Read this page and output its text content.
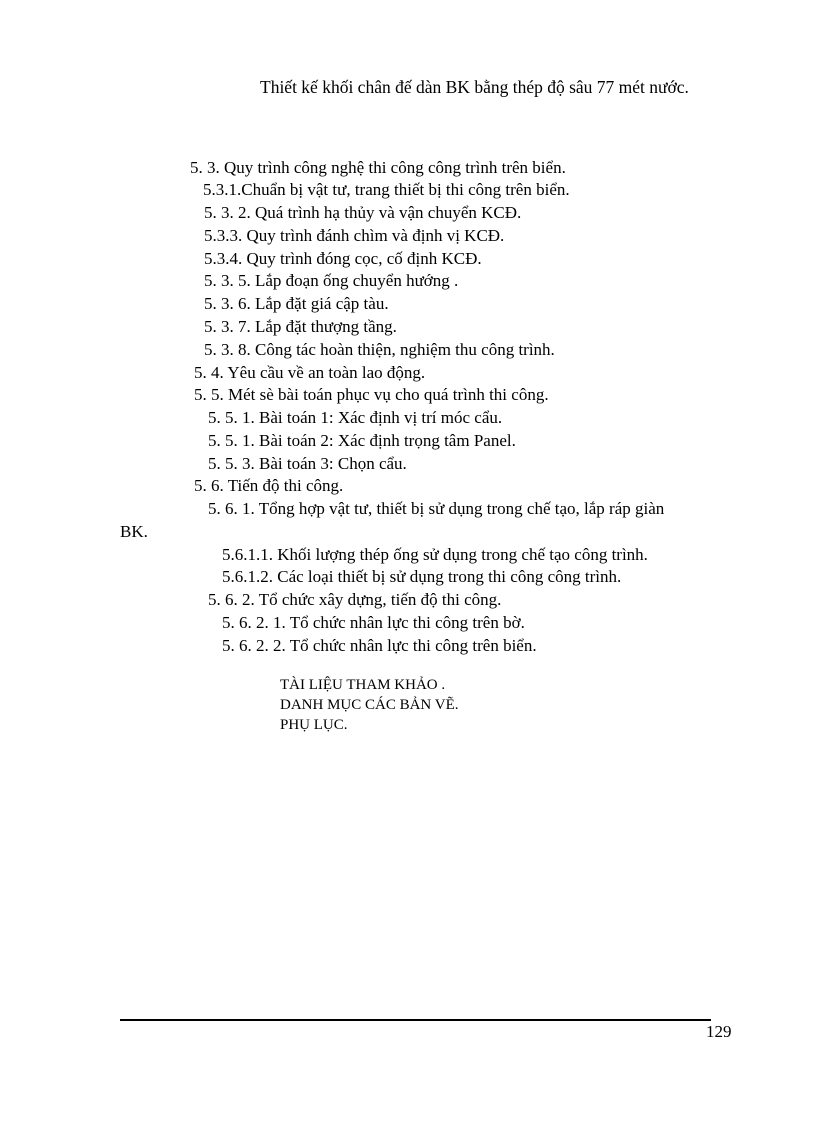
Thiết kế khối chân đế dàn BK bằng thép độ sâu 77 mét nước.
5. 3. Quy trình công nghệ thi công công trình trên biển.
5.3.1.Chuẩn bị vật tư, trang thiết bị thi công trên biển.
5. 3. 2. Quá trình hạ thủy và vận chuyển KCĐ.
5.3.3. Quy trình đánh chìm và định vị KCĐ.
5.3.4. Quy trình đóng cọc, cố định KCĐ.
5. 3. 5. Lắp đoạn ống chuyển hướng .
5. 3. 6. Lắp đặt giá cập tàu.
5. 3. 7. Lắp đặt thượng tầng.
5. 3. 8. Công tác hoàn thiện, nghiệm thu công trình.
5. 4. Yêu cầu về an toàn lao động.
5. 5. Mét sè bài toán phục vụ cho quá trình thi công.
5. 5. 1. Bài toán 1: Xác định vị trí móc cẩu.
5. 5. 1. Bài toán 2: Xác định trọng tâm Panel.
5. 5. 3. Bài toán 3: Chọn cẩu.
5. 6. Tiến độ thi công.
5. 6. 1. Tổng hợp vật tư, thiết bị sử dụng trong chế tạo, lắp ráp giàn
BK.
5.6.1.1. Khối lượng thép ống sử dụng trong chế tạo công trình.
5.6.1.2. Các loại thiết bị sử dụng trong thi công công trình.
5. 6. 2. Tổ chức xây dựng, tiến độ thi công.
5. 6. 2. 1. Tổ chức nhân lực thi công trên bờ.
5. 6. 2. 2. Tổ chức nhân lực thi công trên biển.
TÀI LIỆU THAM KHẢO .
DANH MỤC CÁC BẢN VẼ.
PHỤ LỤC.
129
